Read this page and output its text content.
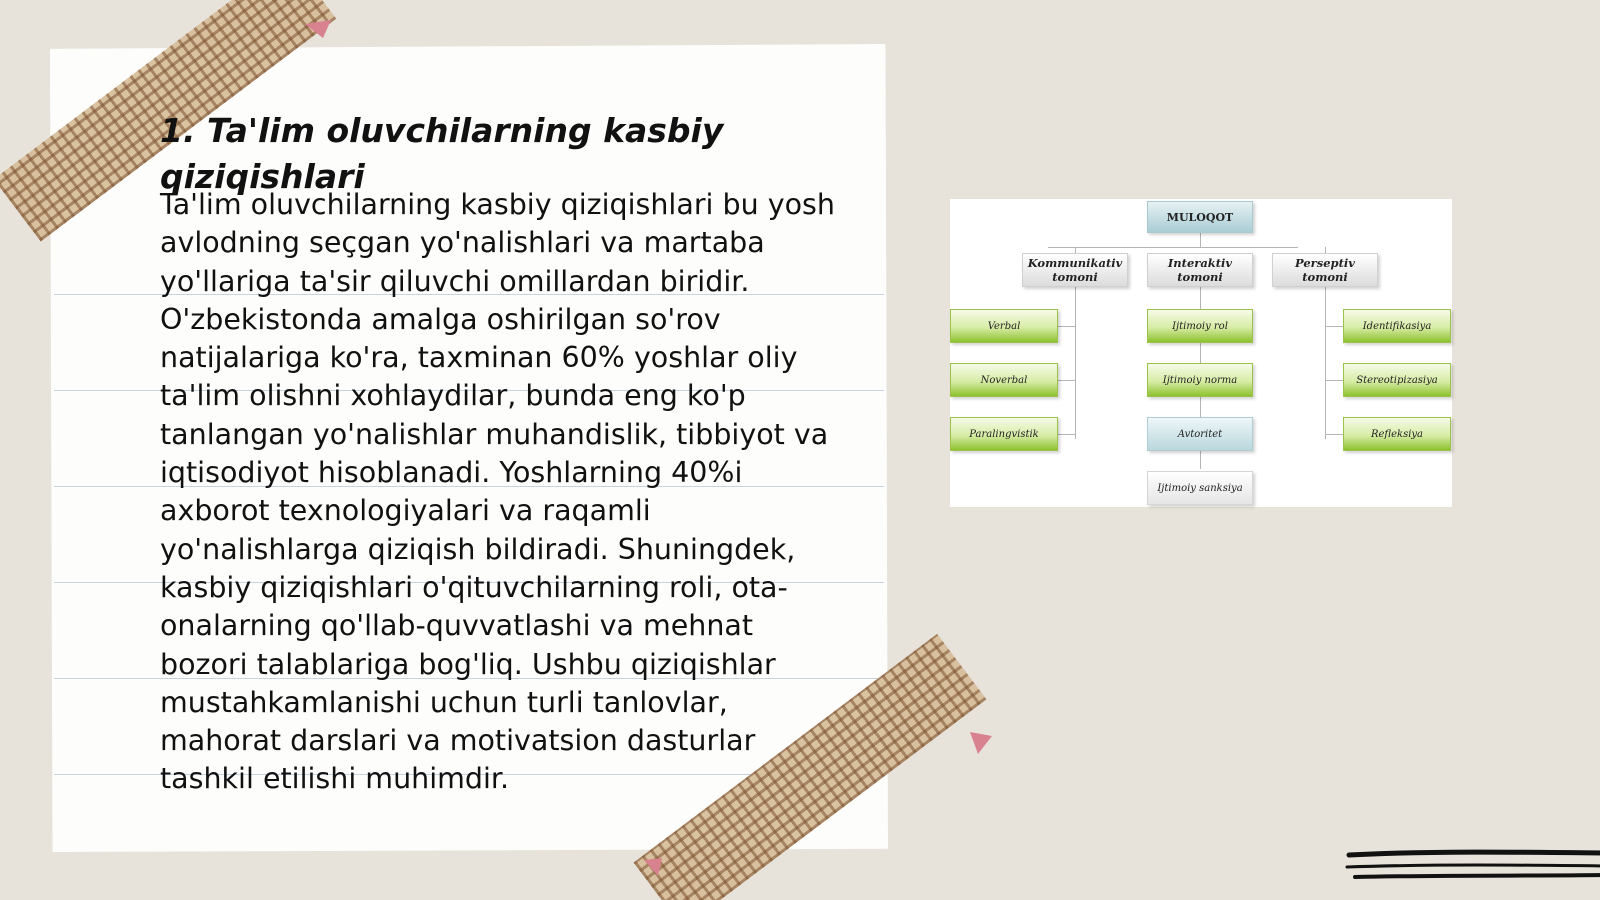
1. Ta'lim oluvchilarning kasbiy qiziqishlari

Ta'lim oluvchilarning kasbiy qiziqishlari bu yosh avlodning seçgan yo'nalishlari va martaba yo'llariga ta'sir qiluvchi omillardan biridir. O'zbekistonda amalga oshirilgan so'rov natijalariga ko'ra, taxminan 60% yoshlar oliy ta'lim olishni xohlaydilar, bunda eng ko'p tanlangan yo'nalishlar muhandislik, tibbiyot va iqtisodiyot hisoblanadi. Yoshlarning 40%i axborot texnologiyalari va raqamli yo'nalishlarga qiziqish bildiradi. Shuningdek, kasbiy qiziqishlari o'qituvchilarning roli, ota-onalarning qo'llab-quvvatlashi va mehnat bozori talablariga bog'liq. Ushbu qiziqishlar mustahkamlanishi uchun turli tanlovlar, mahorat darslari va motivatsion dasturlar tashkil etilishi muhimdir.

MULOQOT
Kommunikativ tomoni
Interaktiv tomoni
Perseptiv tomoni
Verbal
Noverbal
Paralingvistik
Ijtimoiy rol
Ijtimoiy norma
Avtoritet
Ijtimoiy sanksiya
Identifikasiya
Stereotipizasiya
Refleksiya
